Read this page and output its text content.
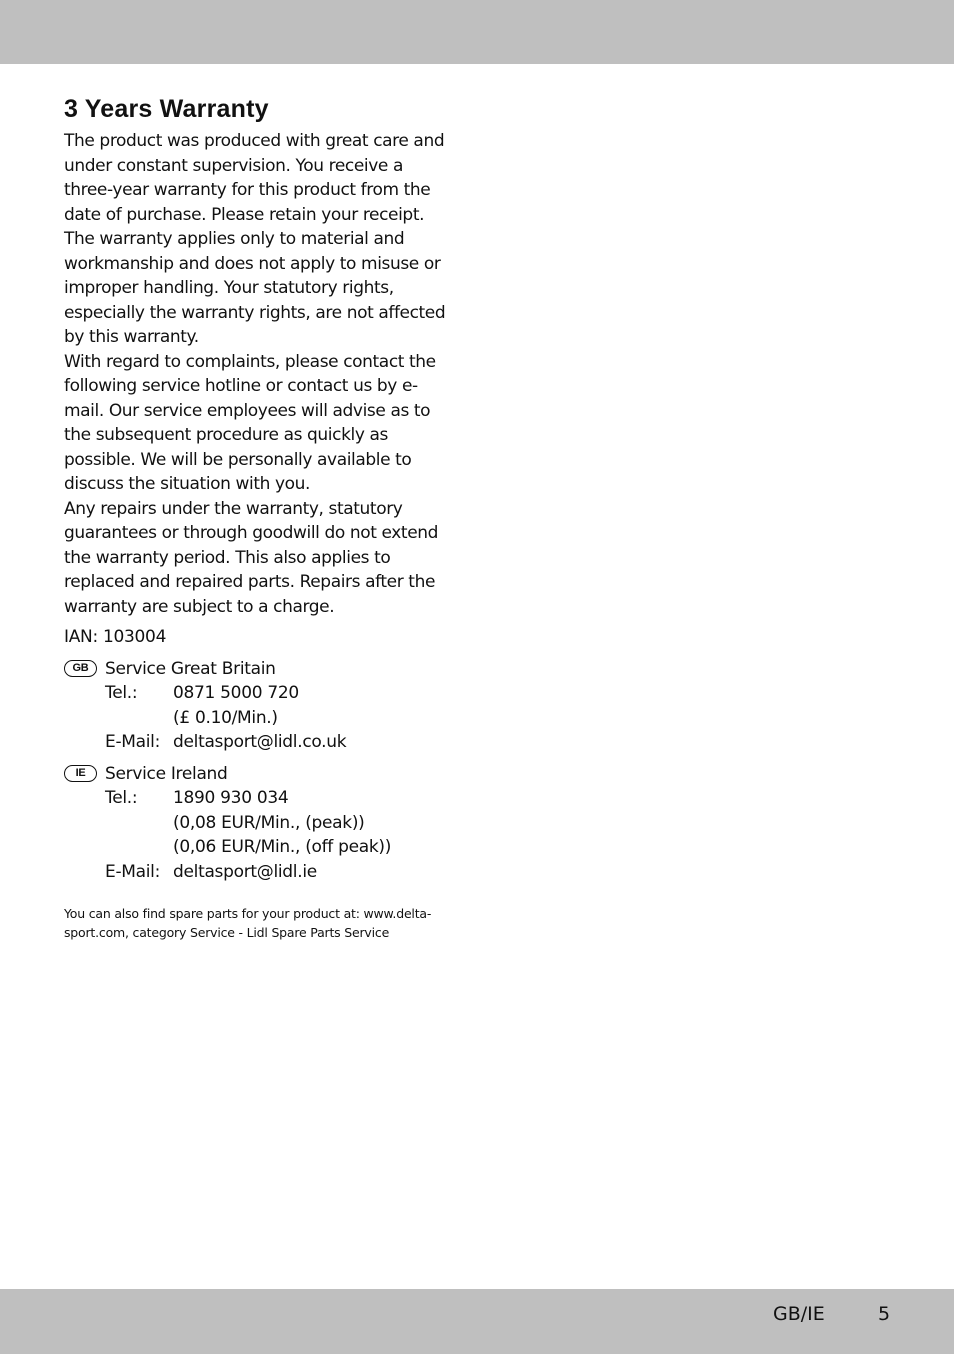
3 Years Warranty

The product was produced with great care and under constant supervision. You receive a three-year warranty for this product from the date of purchase. Please retain your receipt.

The warranty applies only to material and workmanship and does not apply to misuse or improper handling. Your statutory rights, especially the warranty rights, are not affected by this warranty.

With regard to complaints, please contact the following service hotline or contact us by e-mail. Our service employees will advise as to the subsequent procedure as quickly as possible. We will be personally available to discuss the situation with you.

Any repairs under the warranty, statutory guarantees or through goodwill do not extend the warranty period. This also applies to replaced and repaired parts. Repairs after the warranty are subject to a charge.

IAN: 103004

GB Service Great Britain
Tel.:	0871 5000 720
(£ 0.10/Min.)
E-Mail: deltasport@lidl.co.uk
IE	Service Ireland
Tel.:	1890 930 034
(0,08 EUR/Min., (peak))
(0,06 EUR/Min., (off peak))
E-Mail: deltasport@lidl.ie

You can also find spare parts for your product at: www.delta-sport.com, category Service - Lidl Spare Parts Service

GB/IE	5
